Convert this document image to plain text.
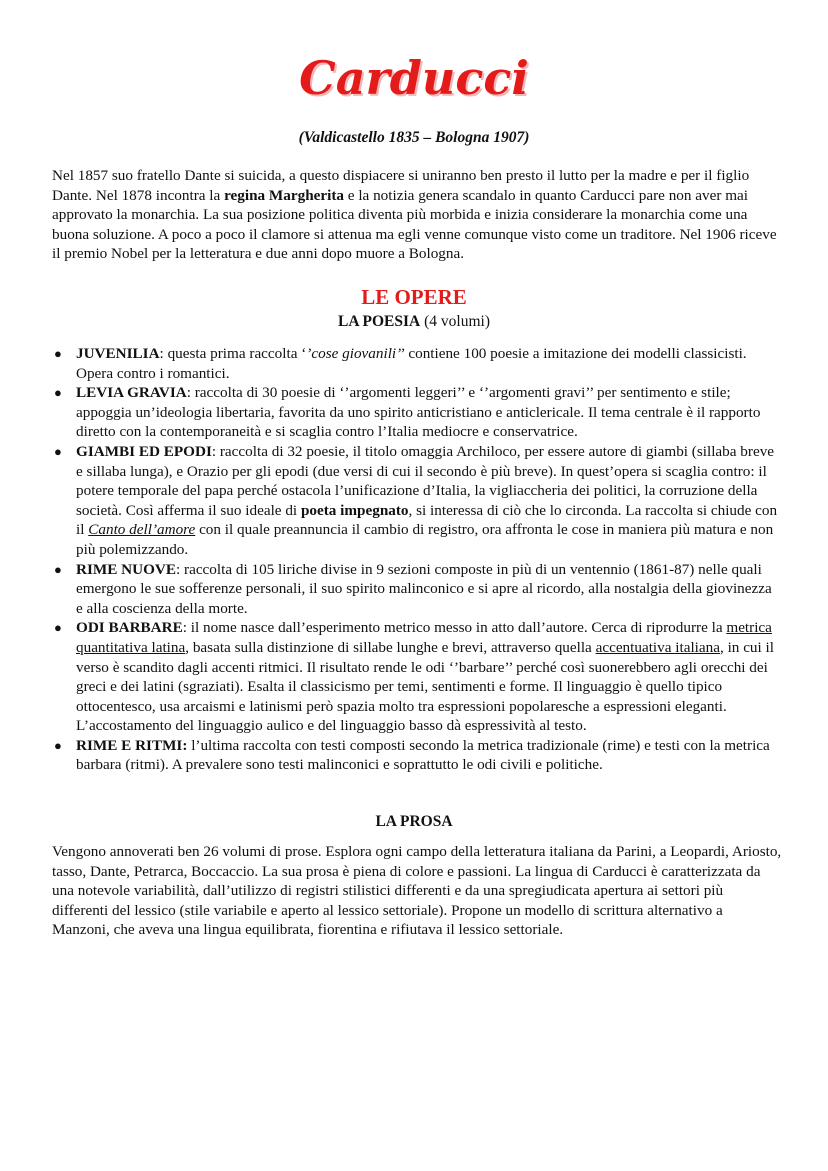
Carducci
(Valdicastello 1835 – Bologna 1907)

Nel 1857 suo fratello Dante si suicida, a questo dispiacere si uniranno ben presto il lutto per la madre e per il figlio Dante. Nel 1878 incontra la regina Margherita e la notizia genera scandalo in quanto Carducci pare non aver mai approvato la monarchia. La sua posizione politica diventa più morbida e inizia considerare la monarchia come una buona soluzione. A poco a poco il clamore si attenua ma egli venne comunque visto come un traditore. Nel 1906 riceve il premio Nobel per la letteratura e due anni dopo muore a Bologna.

LE OPERE
LA POESIA (4 volumi)
● JUVENILIA: questa prima raccolta ‘’cose giovanili’’ contiene 100 poesie a imitazione dei modelli classicisti. Opera contro i romantici.
● LEVIA GRAVIA: raccolta di 30 poesie di ‘’argomenti leggeri’’ e ‘’argomenti gravi’’ per sentimento e stile; appoggia un’ideologia libertaria, favorita da uno spirito anticristiano e anticlericale. Il tema centrale è il rapporto diretto con la contemporaneità e si scaglia contro l’Italia mediocre e conservatrice.
● GIAMBI ED EPODI: raccolta di 32 poesie, il titolo omaggia Archiloco, per essere autore di giambi (sillaba breve e sillaba lunga), e Orazio per gli epodi (due versi di cui il secondo è più breve). In quest’opera si scaglia contro: il potere temporale del papa perché ostacola l’unificazione d’Italia, la vigliaccheria dei politici, la corruzione della società. Così afferma il suo ideale di poeta impegnato, si interessa di ciò che lo circonda. La raccolta si chiude con il Canto dell’amore con il quale preannuncia il cambio di registro, ora affronta le cose in maniera più matura e non più polemizzando.
● RIME NUOVE: raccolta di 105 liriche divise in 9 sezioni composte in più di un ventennio (1861-87) nelle quali emergono le sue sofferenze personali, il suo spirito malinconico e si apre al ricordo, alla nostalgia della giovinezza e alla coscienza della morte.
● ODI BARBARE: il nome nasce dall’esperimento metrico messo in atto dall’autore. Cerca di riprodurre la metrica quantitativa latina, basata sulla distinzione di sillabe lunghe e brevi, attraverso quella accentuativa italiana, in cui il verso è scandito dagli accenti ritmici. Il risultato rende le odi ‘’barbare’’ perché così suonerebbero agli orecchi dei greci e dei latini (sgraziati). Esalta il classicismo per temi, sentimenti e forme. Il linguaggio è quello tipico ottocentesco, usa arcaismi e latinismi però spazia molto tra espressioni popolaresche a espressioni eleganti. L’accostamento del linguaggio aulico e del linguaggio basso dà espressività al testo.
● RIME E RITMI: l’ultima raccolta con testi composti secondo la metrica tradizionale (rime) e testi con la metrica barbara (ritmi). A prevalere sono testi malinconici e soprattutto le odi civili e politiche.
LA PROSA

Vengono annoverati ben 26 volumi di prose. Esplora ogni campo della letteratura italiana da Parini, a Leopardi, Ariosto, tasso, Dante, Petrarca, Boccaccio. La sua prosa è piena di colore e passioni. La lingua di Carducci è caratterizzata da una notevole variabilità, dall’utilizzo di registri stilistici differenti e da una spregiudicata apertura ai settori più differenti del lessico (stile variabile e aperto al lessico settoriale). Propone un modello di scrittura alternativo a Manzoni, che aveva una lingua equilibrata, fiorentina e rifiutava il lessico settoriale.
